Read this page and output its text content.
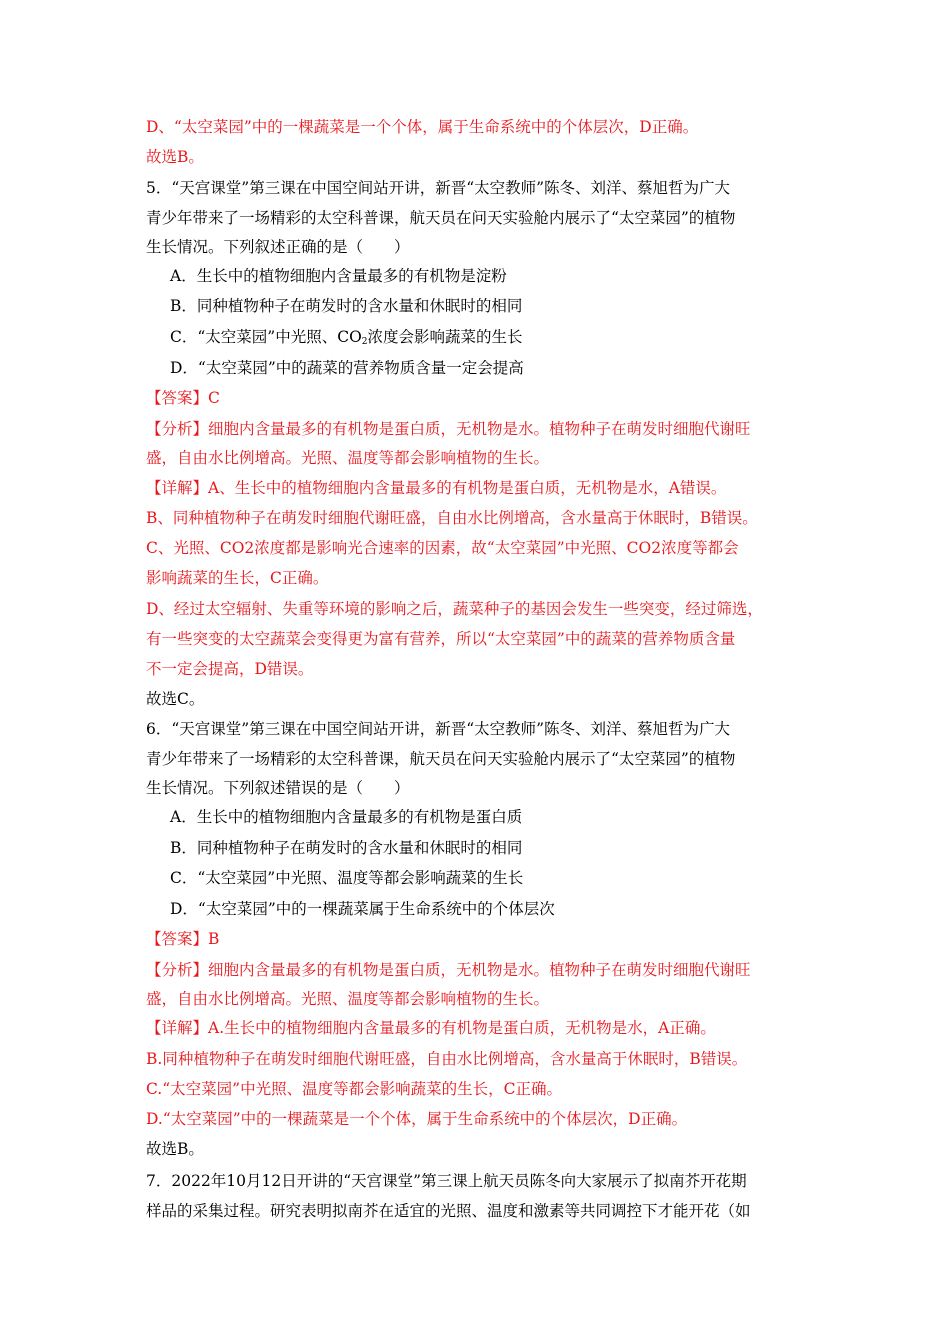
D、“太空菜园”中的一棵蔬菜是一个个体，属于生命系统中的个体层次，D正确。
故选B。
5．“天宫课堂”第三课在中国空间站开讲，新晋“太空教师”陈冬、刘洋、蔡旭哲为广大
青少年带来了一场精彩的太空科普课，航天员在问天实验舱内展示了“太空菜园”的植物
生长情况。下列叙述正确的是（　　）
A．生长中的植物细胞内含量最多的有机物是淀粉
B．同种植物种子在萌发时的含水量和休眠时的相同
C．“太空菜园”中光照、$CO_2$浓度会影响蔬菜的生长
D．“太空菜园”中的蔬菜的营养物质含量一定会提高
【答案】C
【分析】细胞内含量最多的有机物是蛋白质，无机物是水。植物种子在萌发时细胞代谢旺
盛，自由水比例增高。光照、温度等都会影响植物的生长。
【详解】A、生长中的植物细胞内含量最多的有机物是蛋白质，无机物是水，A错误。
B、同种植物种子在萌发时细胞代谢旺盛，自由水比例增高，含水量高于休眠时，B错误。
C、光照、CO2浓度都是影响光合速率的因素，故“太空菜园”中光照、CO2浓度等都会
影响蔬菜的生长，C正确。
D、经过太空辐射、失重等环境的影响之后，蔬菜种子的基因会发生一些突变，经过筛选，
有一些突变的太空蔬菜会变得更为富有营养，所以“太空菜园”中的蔬菜的营养物质含量
不一定会提高，D错误。
故选C。
6．“天宫课堂”第三课在中国空间站开讲，新晋“太空教师”陈冬、刘洋、蔡旭哲为广大
青少年带来了一场精彩的太空科普课，航天员在问天实验舱内展示了“太空菜园”的植物
生长情况。下列叙述错误的是（　　）
A．生长中的植物细胞内含量最多的有机物是蛋白质
B．同种植物种子在萌发时的含水量和休眠时的相同
C．“太空菜园”中光照、温度等都会影响蔬菜的生长
D．“太空菜园”中的一棵蔬菜属于生命系统中的个体层次
【答案】B
【分析】细胞内含量最多的有机物是蛋白质，无机物是水。植物种子在萌发时细胞代谢旺
盛，自由水比例增高。光照、温度等都会影响植物的生长。
【详解】A.生长中的植物细胞内含量最多的有机物是蛋白质，无机物是水，A正确。
B.同种植物种子在萌发时细胞代谢旺盛，自由水比例增高，含水量高于休眠时，B错误。
C.“太空菜园”中光照、温度等都会影响蔬菜的生长，C正确。
D.“太空菜园”中的一棵蔬菜是一个个体，属于生命系统中的个体层次，D正确。
故选B。
7．2022年10月12日开讲的“天宫课堂”第三课上航天员陈冬向大家展示了拟南芥开花期
样品的采集过程。研究表明拟南芥在适宜的光照、温度和激素等共同调控下才能开花（如
